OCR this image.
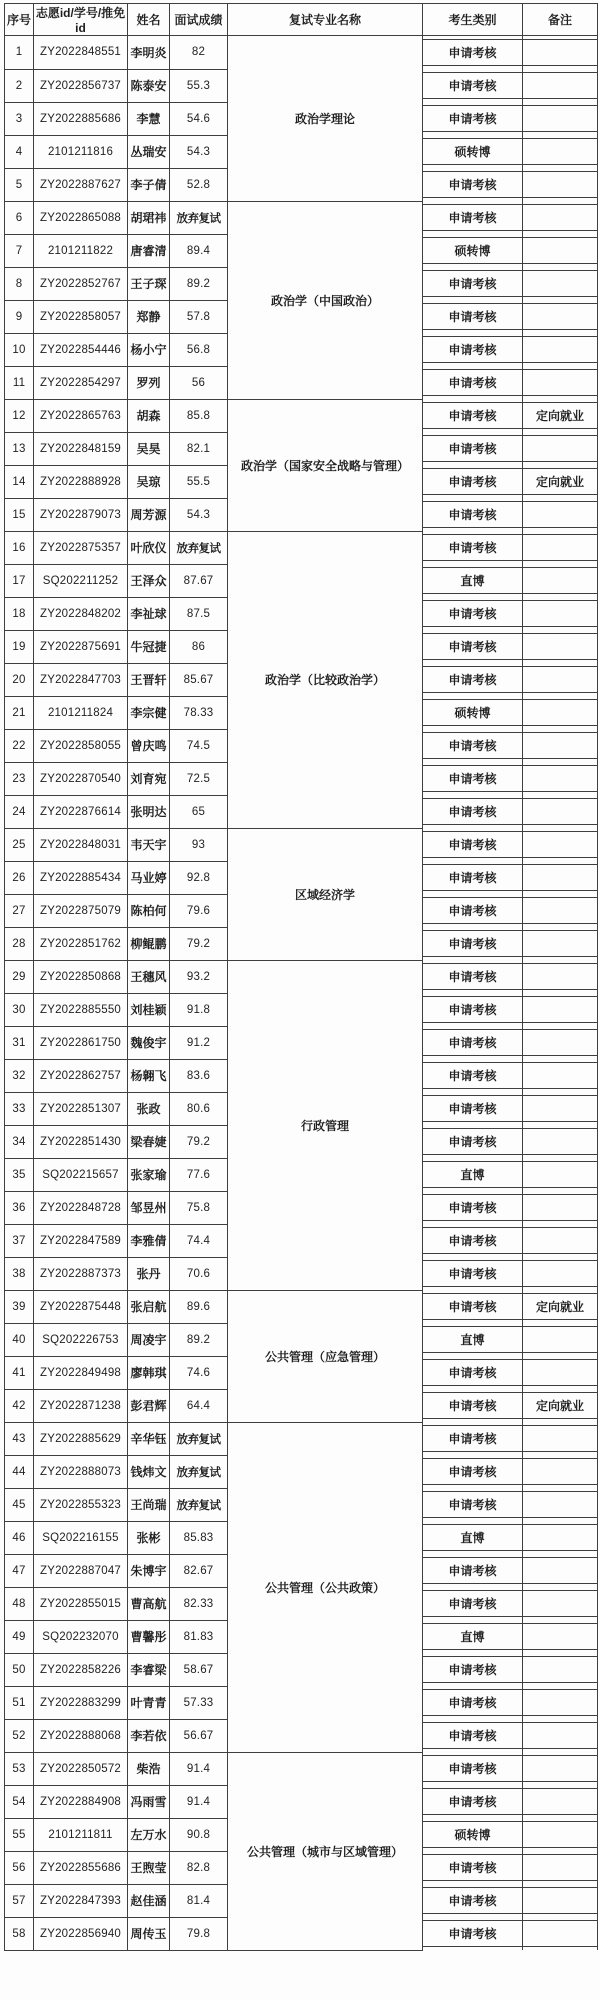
序号	志愿id/学号/推免id	姓名	面试成绩	复试专业名称	考生类别	备注
1	ZY2022848551	李明炎	82	政治学理论	申请考核	

2	ZY2022856737	陈泰安	55.3		申请考核	

3	ZY2022885686	李慧	54.6		申请考核	

4	2101211816	丛瑞安	54.3		硕转博	

5	ZY2022887627	李子倩	52.8		申请考核	

6	ZY2022865088	胡珺祎	放弃复试	政治学（中国政治）	申请考核	

7	2101211822	唐睿清	89.4		硕转博	

8	ZY2022852767	王子琛	89.2		申请考核	

9	ZY2022858057	郑静	57.8		申请考核	

10	ZY2022854446	杨小宁	56.8		申请考核	

11	ZY2022854297	罗列	56		申请考核	

12	ZY2022865763	胡森	85.8	政治学（国家安全战略与管理）	申请考核	定向就业

13	ZY2022848159	吴昊	82.1		申请考核	

14	ZY2022888928	吴琼	55.5		申请考核	定向就业

15	ZY2022879073	周芳源	54.3		申请考核	

16	ZY2022875357	叶欣仪	放弃复试	政治学（比较政治学）	申请考核	

17	SQ202211252	王泽众	87.67		直博	

18	ZY2022848202	李祉球	87.5		申请考核	

19	ZY2022875691	牛冠捷	86		申请考核	

20	ZY2022847703	王晋轩	85.67		申请考核	

21	2101211824	李宗健	78.33		硕转博	

22	ZY2022858055	曾庆鸣	74.5		申请考核	

23	ZY2022870540	刘育宛	72.5		申请考核	

24	ZY2022876614	张明达	65		申请考核	

25	ZY2022848031	韦天宇	93	区域经济学	申请考核	

26	ZY2022885434	马业婷	92.8		申请考核	

27	ZY2022875079	陈柏何	79.6		申请考核	

28	ZY2022851762	柳鲲鹏	79.2		申请考核	

29	ZY2022850868	王穗风	93.2	行政管理	申请考核	

30	ZY2022885550	刘桂颖	91.8		申请考核	

31	ZY2022861750	魏俊宇	91.2		申请考核	

32	ZY2022862757	杨翱飞	83.6		申请考核	

33	ZY2022851307	张政	80.6		申请考核	

34	ZY2022851430	梁春婕	79.2		申请考核	

35	SQ202215657	张家瑜	77.6		直博	

36	ZY2022848728	邹昱州	75.8		申请考核	

37	ZY2022847589	李雅倩	74.4		申请考核	

38	ZY2022887373	张丹	70.6		申请考核	

39	ZY2022875448	张启航	89.6	公共管理（应急管理）	申请考核	定向就业

40	SQ202226753	周凌宇	89.2		直博	

41	ZY2022849498	廖韩琪	74.6		申请考核	

42	ZY2022871238	彭君辉	64.4		申请考核	定向就业

43	ZY2022885629	辛华钰	放弃复试	公共管理（公共政策）	申请考核	

44	ZY2022888073	钱炜文	放弃复试		申请考核	

45	ZY2022855323	王尚瑞	放弃复试		申请考核	

46	SQ202216155	张彬	85.83		直博	

47	ZY2022887047	朱博宇	82.67		申请考核	

48	ZY2022855015	曹高航	82.33		申请考核	

49	SQ202232070	曹馨彤	81.83		直博	

50	ZY2022858226	李睿梁	58.67		申请考核	

51	ZY2022883299	叶青青	57.33		申请考核	

52	ZY2022888068	李若依	56.67		申请考核	

53	ZY2022850572	柴浩	91.4	公共管理（城市与区域管理）	申请考核	

54	ZY2022884908	冯雨雪	91.4		申请考核	

55	2101211811	左万水	90.8		硕转博	

56	ZY2022855686	王煦莹	82.8		申请考核	

57	ZY2022847393	赵佳涵	81.4		申请考核	

58	ZY2022856940	周传玉	79.8		申请考核	
